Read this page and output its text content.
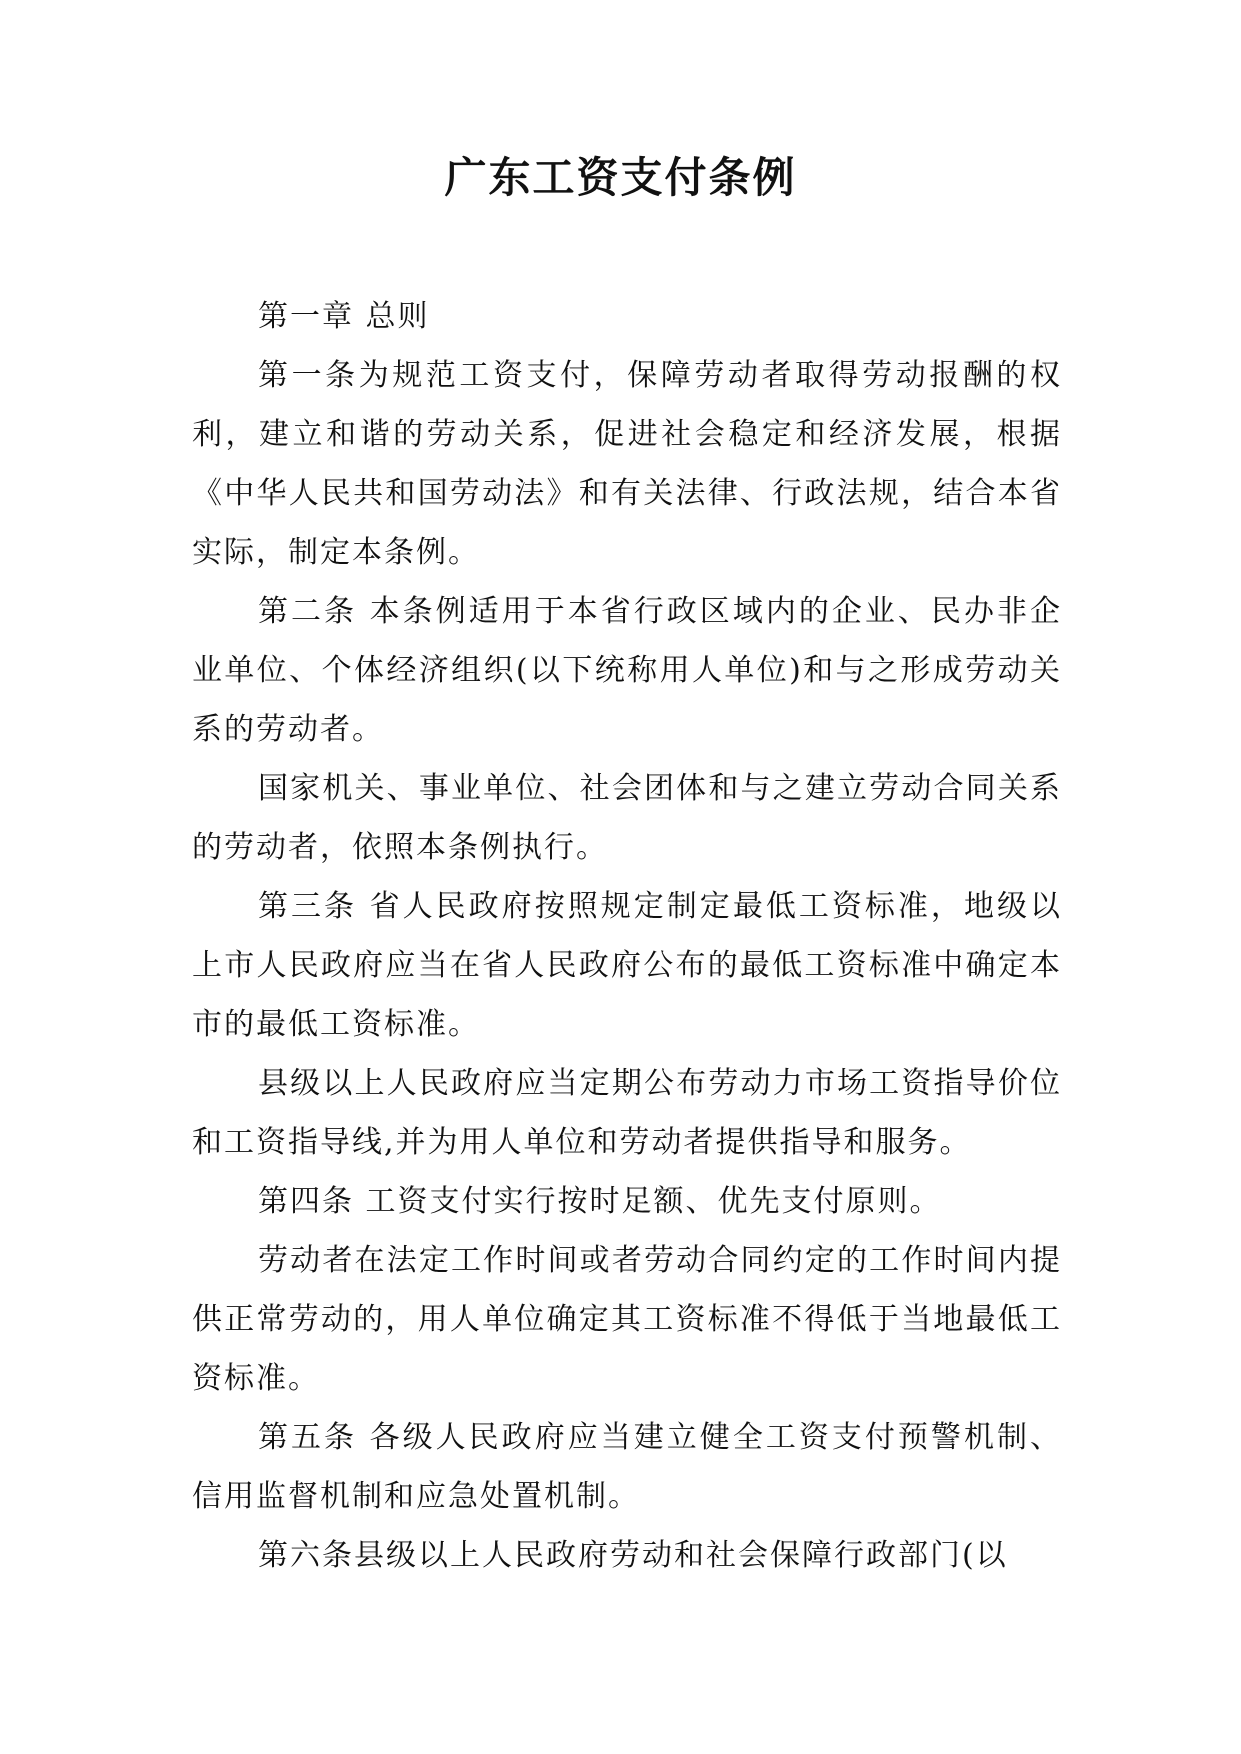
广东工资支付条例

第一章 总则

第一条为规范工资支付，保障劳动者取得劳动报酬的权利，建立和谐的劳动关系，促进社会稳定和经济发展，根据《中华人民共和国劳动法》和有关法律、行政法规，结合本省实际，制定本条例。

第二条 本条例适用于本省行政区域内的企业、民办非企业单位、个体经济组织(以下统称用人单位)和与之形成劳动关系的劳动者。

国家机关、事业单位、社会团体和与之建立劳动合同关系的劳动者，依照本条例执行。

第三条 省人民政府按照规定制定最低工资标准，地级以上市人民政府应当在省人民政府公布的最低工资标准中确定本市的最低工资标准。

县级以上人民政府应当定期公布劳动力市场工资指导价位和工资指导线,并为用人单位和劳动者提供指导和服务。

第四条 工资支付实行按时足额、优先支付原则。

劳动者在法定工作时间或者劳动合同约定的工作时间内提供正常劳动的，用人单位确定其工资标准不得低于当地最低工资标准。

第五条 各级人民政府应当建立健全工资支付预警机制、信用监督机制和应急处置机制。

第六条县级以上人民政府劳动和社会保障行政部门(以
